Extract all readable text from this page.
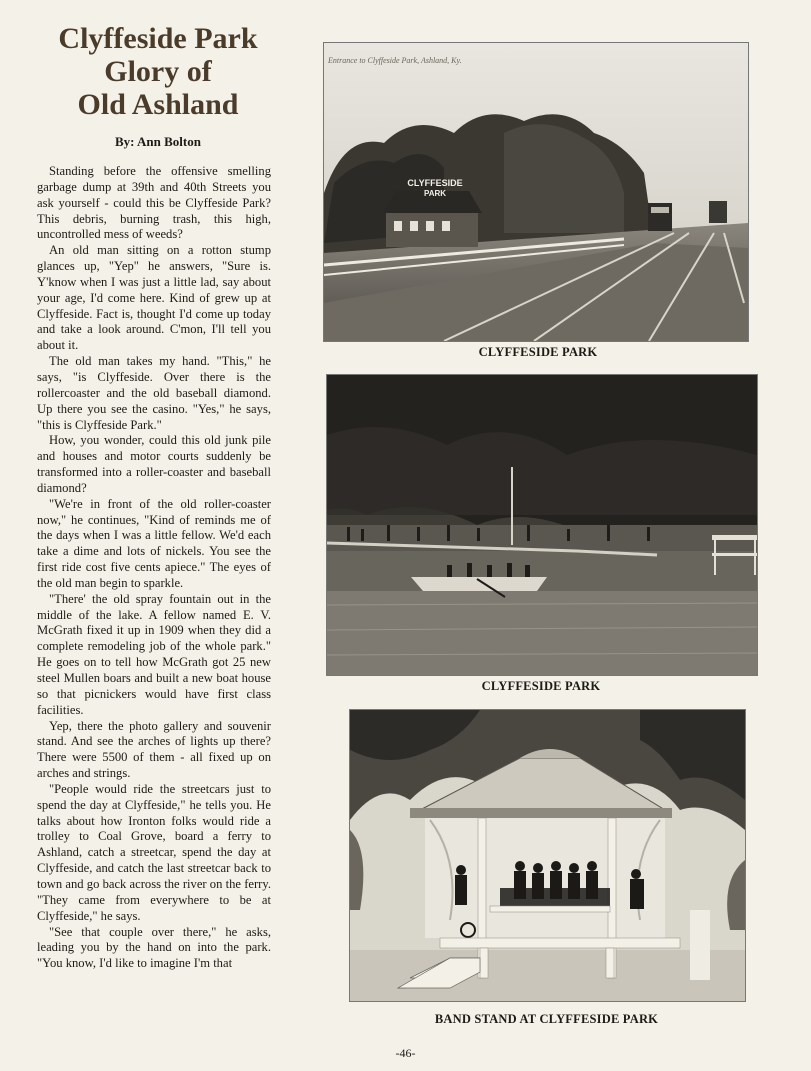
Clyffeside Park
Glory of
Old Ashland
By: Ann Bolton

Standing before the offensive smelling garbage dump at 39th and 40th Streets you ask yourself - could this be Clyffeside Park? This debris, burning trash, this high, uncontrolled mess of weeds?

An old man sitting on a rotton stump glances up, "Yep" he answers, "Sure is. Y'know when I was just a little lad, say about your age, I'd come here. Kind of grew up at Clyffeside. Fact is, thought I'd come up today and take a look around. C'mon, I'll tell you about it.

The old man takes my hand. "This," he says, "is Clyffeside. Over there is the rollercoaster and the old baseball diamond. Up there you see the casino. "Yes," he says, "this is Clyffeside Park."

How, you wonder, could this old junk pile and houses and motor courts suddenly be transformed into a roller-coaster and baseball diamond?

"We're in front of the old roller-coaster now," he continues, "Kind of reminds me of the days when I was a little fellow. We'd each take a dime and lots of nickels. You see the first ride cost five cents apiece." The eyes of the old man begin to sparkle.

"There' the old spray fountain out in the middle of the lake. A fellow named E. V. McGrath fixed it up in 1909 when they did a complete remodeling job of the whole park." He goes on to tell how McGrath got 25 new steel Mullen boars and built a new boat house so that picnickers would have first class facilities.

Yep, there the photo gallery and souvenir stand. And see the arches of lights up there? There were 5500 of them - all fixed up on arches and strings.

"People would ride the streetcars just to spend the day at Clyffeside," he tells you. He talks about how Ironton folks would ride a trolley to Coal Grove, board a ferry to Ashland, catch a streetcar, spend the day at Clyffeside, and catch the last streetcar back to town and go back across the river on the ferry. "They came from everywhere to be at Clyffeside," he says.

"See that couple over there," he asks, leading you by the hand on into the park. "You know, I'd like to imagine I'm that

Entrance to Clyffeside Park, Ashland, Ky.
CLYFFESIDE
PARK
CLYFFESIDE PARK
CLYFFESIDE PARK
BAND STAND AT CLYFFESIDE PARK
-46-
